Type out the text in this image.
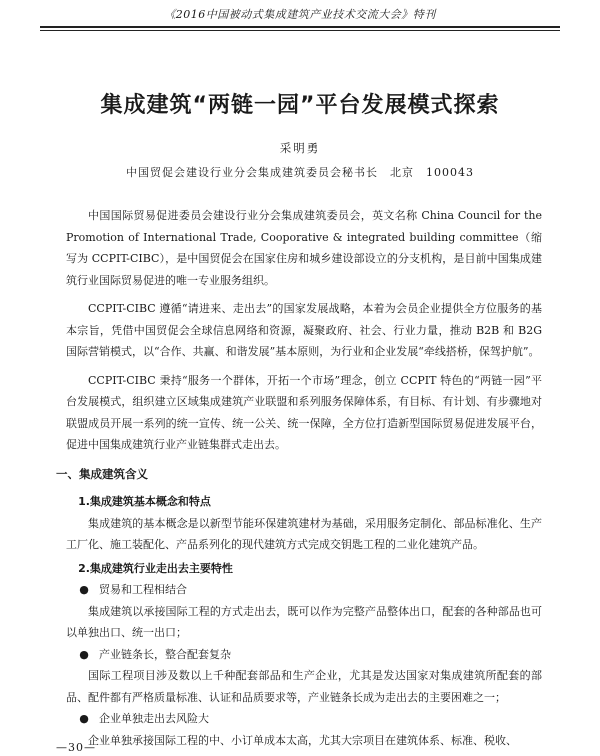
《2016中国被动式集成建筑产业技术交流大会》特刊
集成建筑“两链一园”平台发展模式探索
采明勇
中国贸促会建设行业分会集成建筑委员会秘书长　北京　100043

中国国际贸易促进委员会建设行业分会集成建筑委员会，英文名称 China Council for the Promotion of International Trade, Cooporative & integrated building committee（缩写为 CCPIT-CIBC），是中国贸促会在国家住房和城乡建设部设立的分支机构，是目前中国集成建筑行业国际贸易促进的唯一专业服务组织。

CCPIT-CIBC 遵循“请进来、走出去”的国家发展战略，本着为会员企业提供全方位服务的基本宗旨，凭借中国贸促会全球信息网络和资源，凝聚政府、社会、行业力量，推动 B2B 和 B2G 国际营销模式，以“合作、共赢、和谐发展”基本原则，为行业和企业发展“牵线搭桥，保驾护航”。

CCPIT-CIBC 秉持“服务一个群体，开拓一个市场”理念，创立 CCPIT 特色的“两链一园”平台发展模式，组织建立区域集成建筑产业联盟和系列服务保障体系，有目标、有计划、有步骤地对联盟成员开展一系列的统一宣传、统一公关、统一保障，全方位打造新型国际贸易促进发展平台，促进中国集成建筑行业产业链集群式走出去。

一、集成建筑含义
1.集成建筑基本概念和特点

集成建筑的基本概念是以新型节能环保建筑建材为基础，采用服务定制化、部品标准化、生产工厂化、施工装配化、产品系列化的现代建筑方式完成交钥匙工程的二业化建筑产品。

2.集成建筑行业走出去主要特性
● 贸易和工程相结合

集成建筑以承接国际工程的方式走出去，既可以作为完整产品整体出口，配套的各种部品也可以单独出口、统一出口；

● 产业链条长，整合配套复杂

国际工程项目涉及数以上千种配套部品和生产企业，尤其是发达国家对集成建筑所配套的部品、配件都有严格质量标准、认证和品质要求等，产业链条长成为走出去的主要困难之一；

● 企业单独走出去风险大

企业单独承接国际工程的中、小订单成本太高，尤其大宗项目在建筑体系、标准、税收、

—30—
